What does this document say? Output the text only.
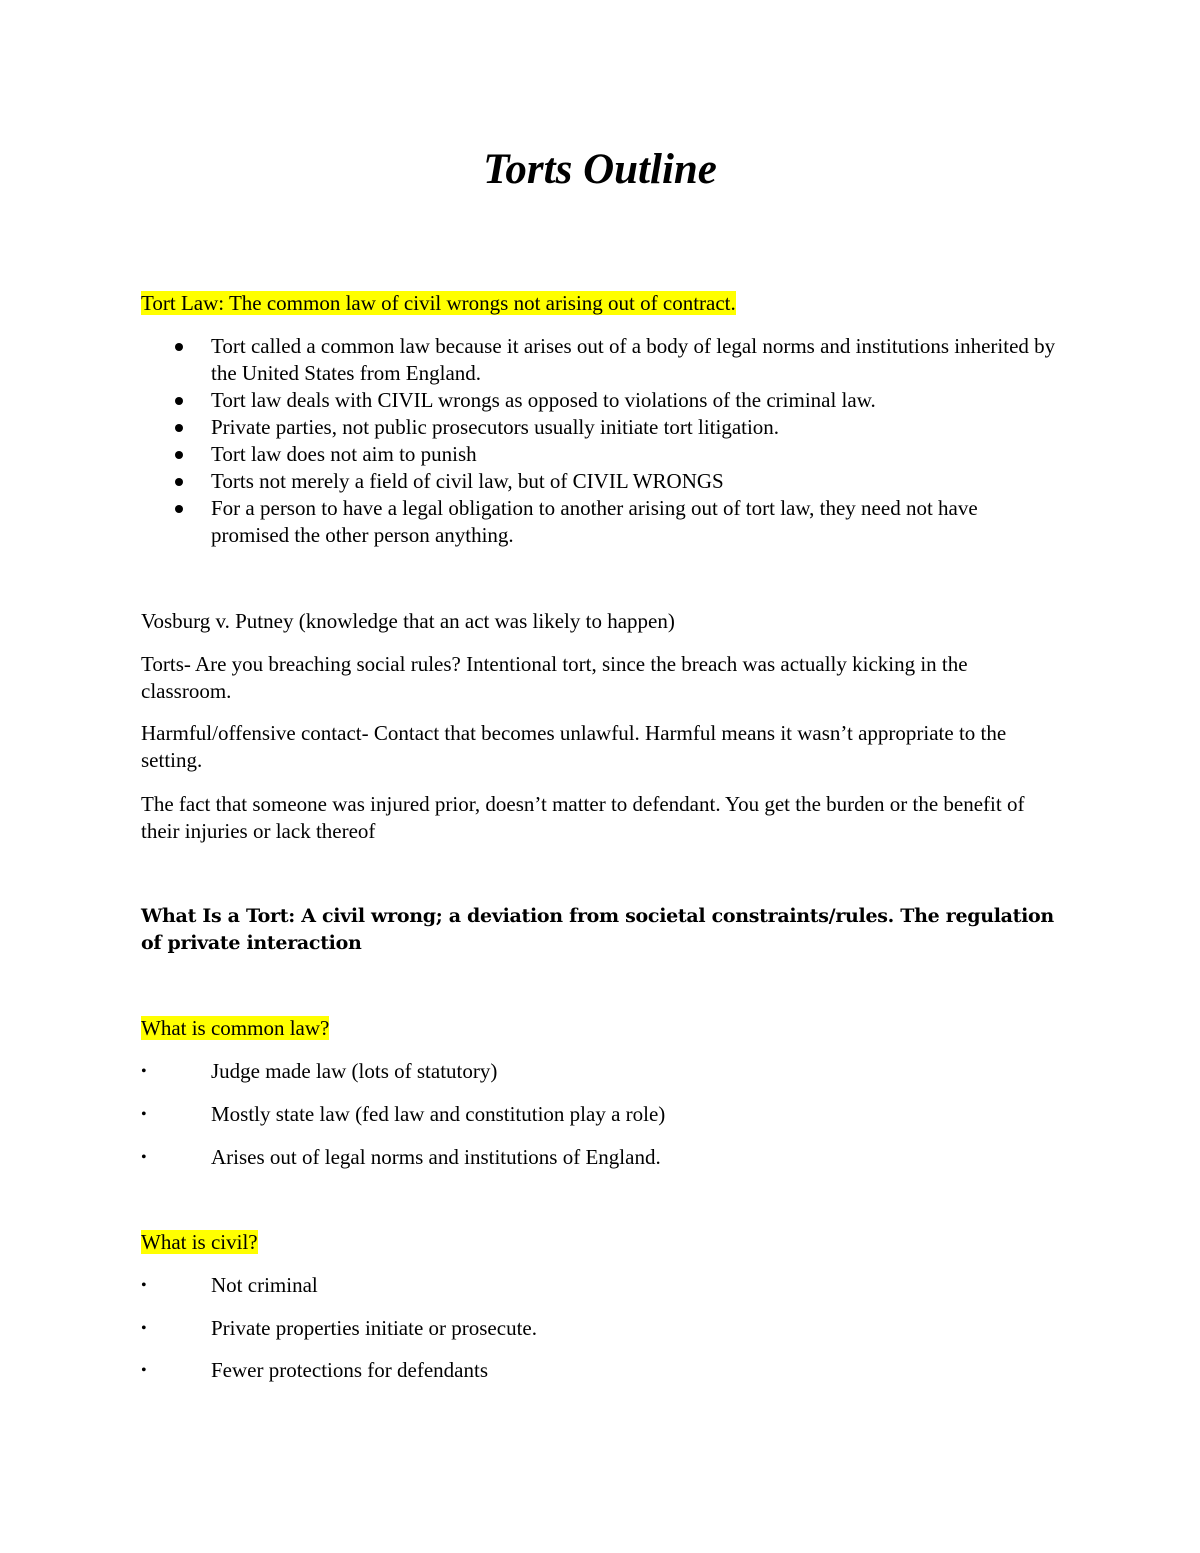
Torts Outline

Tort Law: The common law of civil wrongs not arising out of contract.

Tort called a common law because it arises out of a body of legal norms and institutions inherited by the United States from England.
Tort law deals with CIVIL wrongs as opposed to violations of the criminal law.
Private parties, not public prosecutors usually initiate tort litigation.
Tort law does not aim to punish
Torts not merely a field of civil law, but of CIVIL WRONGS
For a person to have a legal obligation to another arising out of tort law, they need not have promised the other person anything.

Vosburg v. Putney (knowledge that an act was likely to happen)

Torts- Are you breaching social rules? Intentional tort, since the breach was actually kicking in the classroom.

Harmful/offensive contact- Contact that becomes unlawful. Harmful means it wasn’t appropriate to the setting.

The fact that someone was injured prior, doesn’t matter to defendant. You get the burden or the benefit of their injuries or lack thereof

What Is a Tort: A civil wrong; a deviation from societal constraints/rules. The regulation of private interaction

What is common law?

•	Judge made law (lots of statutory)
•	Mostly state law (fed law and constitution play a role)
•	Arises out of legal norms and institutions of England.

What is civil?

•	Not criminal
•	Private properties initiate or prosecute.
•	Fewer protections for defendants
